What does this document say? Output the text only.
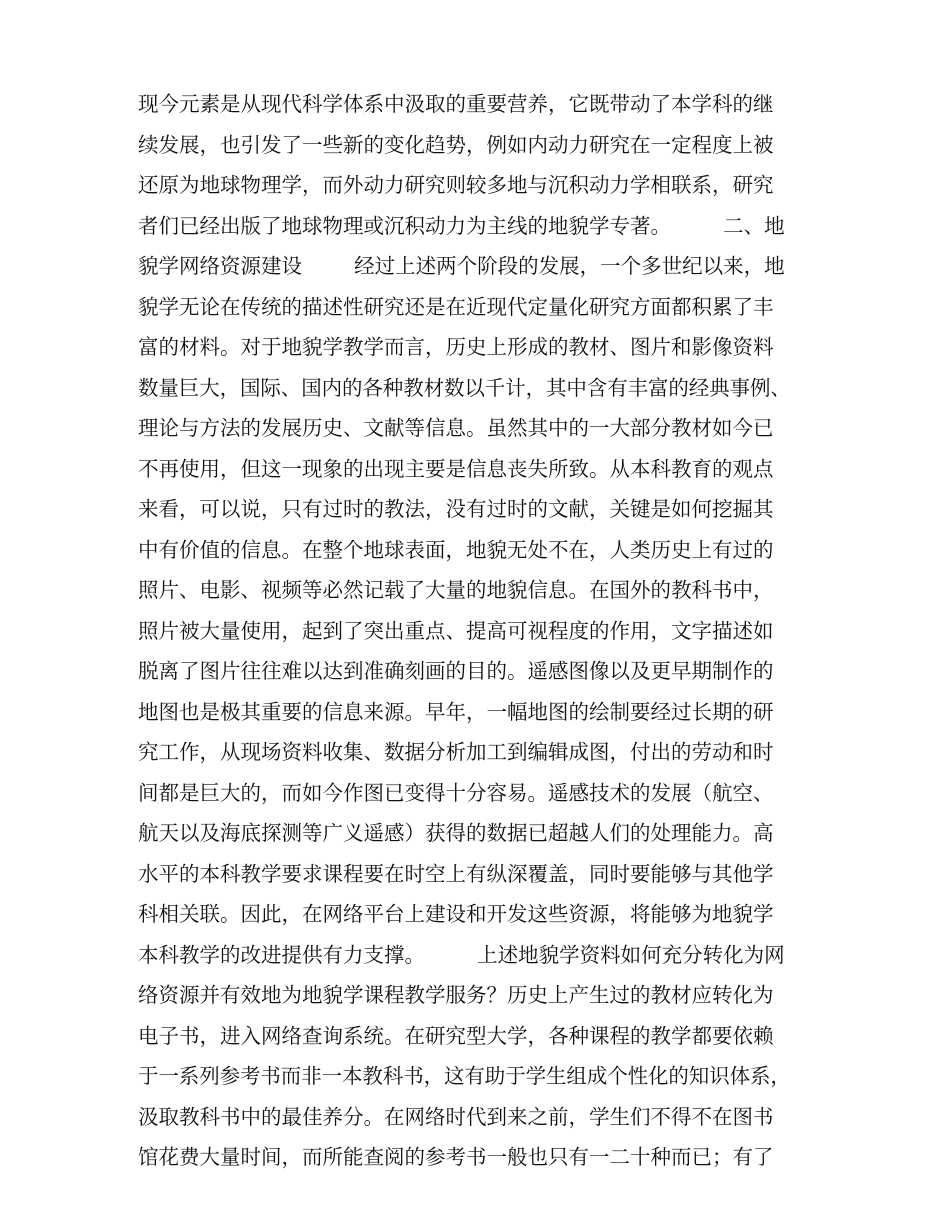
现今元素是从现代科学体系中汲取的重要营养，它既带动了本学科的继
续发展，也引发了一些新的变化趋势，例如内动力研究在一定程度上被
还原为地球物理学，而外动力研究则较多地与沉积动力学相联系，研究
者们已经出版了地球物理或沉积动力为主线的地貌学专著。        二、地
貌学网络资源建设        经过上述两个阶段的发展，一个多世纪以来，地
貌学无论在传统的描述性研究还是在近现代定量化研究方面都积累了丰
富的材料。对于地貌学教学而言，历史上形成的教材、图片和影像资料
数量巨大，国际、国内的各种教材数以千计，其中含有丰富的经典事例、
理论与方法的发展历史、文献等信息。虽然其中的一大部分教材如今已
不再使用，但这一现象的出现主要是信息丧失所致。从本科教育的观点
来看，可以说，只有过时的教法，没有过时的文献，关键是如何挖掘其
中有价值的信息。在整个地球表面，地貌无处不在，人类历史上有过的
照片、电影、视频等必然记载了大量的地貌信息。在国外的教科书中，
照片被大量使用，起到了突出重点、提高可视程度的作用，文字描述如
脱离了图片往往难以达到准确刻画的目的。遥感图像以及更早期制作的
地图也是极其重要的信息来源。早年，一幅地图的绘制要经过长期的研
究工作，从现场资料收集、数据分析加工到编辑成图，付出的劳动和时
间都是巨大的，而如今作图已变得十分容易。遥感技术的发展（航空、
航天以及海底探测等广义遥感）获得的数据已超越人们的处理能力。高
水平的本科教学要求课程要在时空上有纵深覆盖，同时要能够与其他学
科相关联。因此，在网络平台上建设和开发这些资源，将能够为地貌学
本科教学的改进提供有力支撑。        上述地貌学资料如何充分转化为网
络资源并有效地为地貌学课程教学服务？历史上产生过的教材应转化为
电子书，进入网络查询系统。在研究型大学，各种课程的教学都要依赖
于一系列参考书而非一本教科书，这有助于学生组成个性化的知识体系，
汲取教科书中的最佳养分。在网络时代到来之前，学生们不得不在图书
馆花费大量时间，而所能查阅的参考书一般也只有一二十种而已；有了
